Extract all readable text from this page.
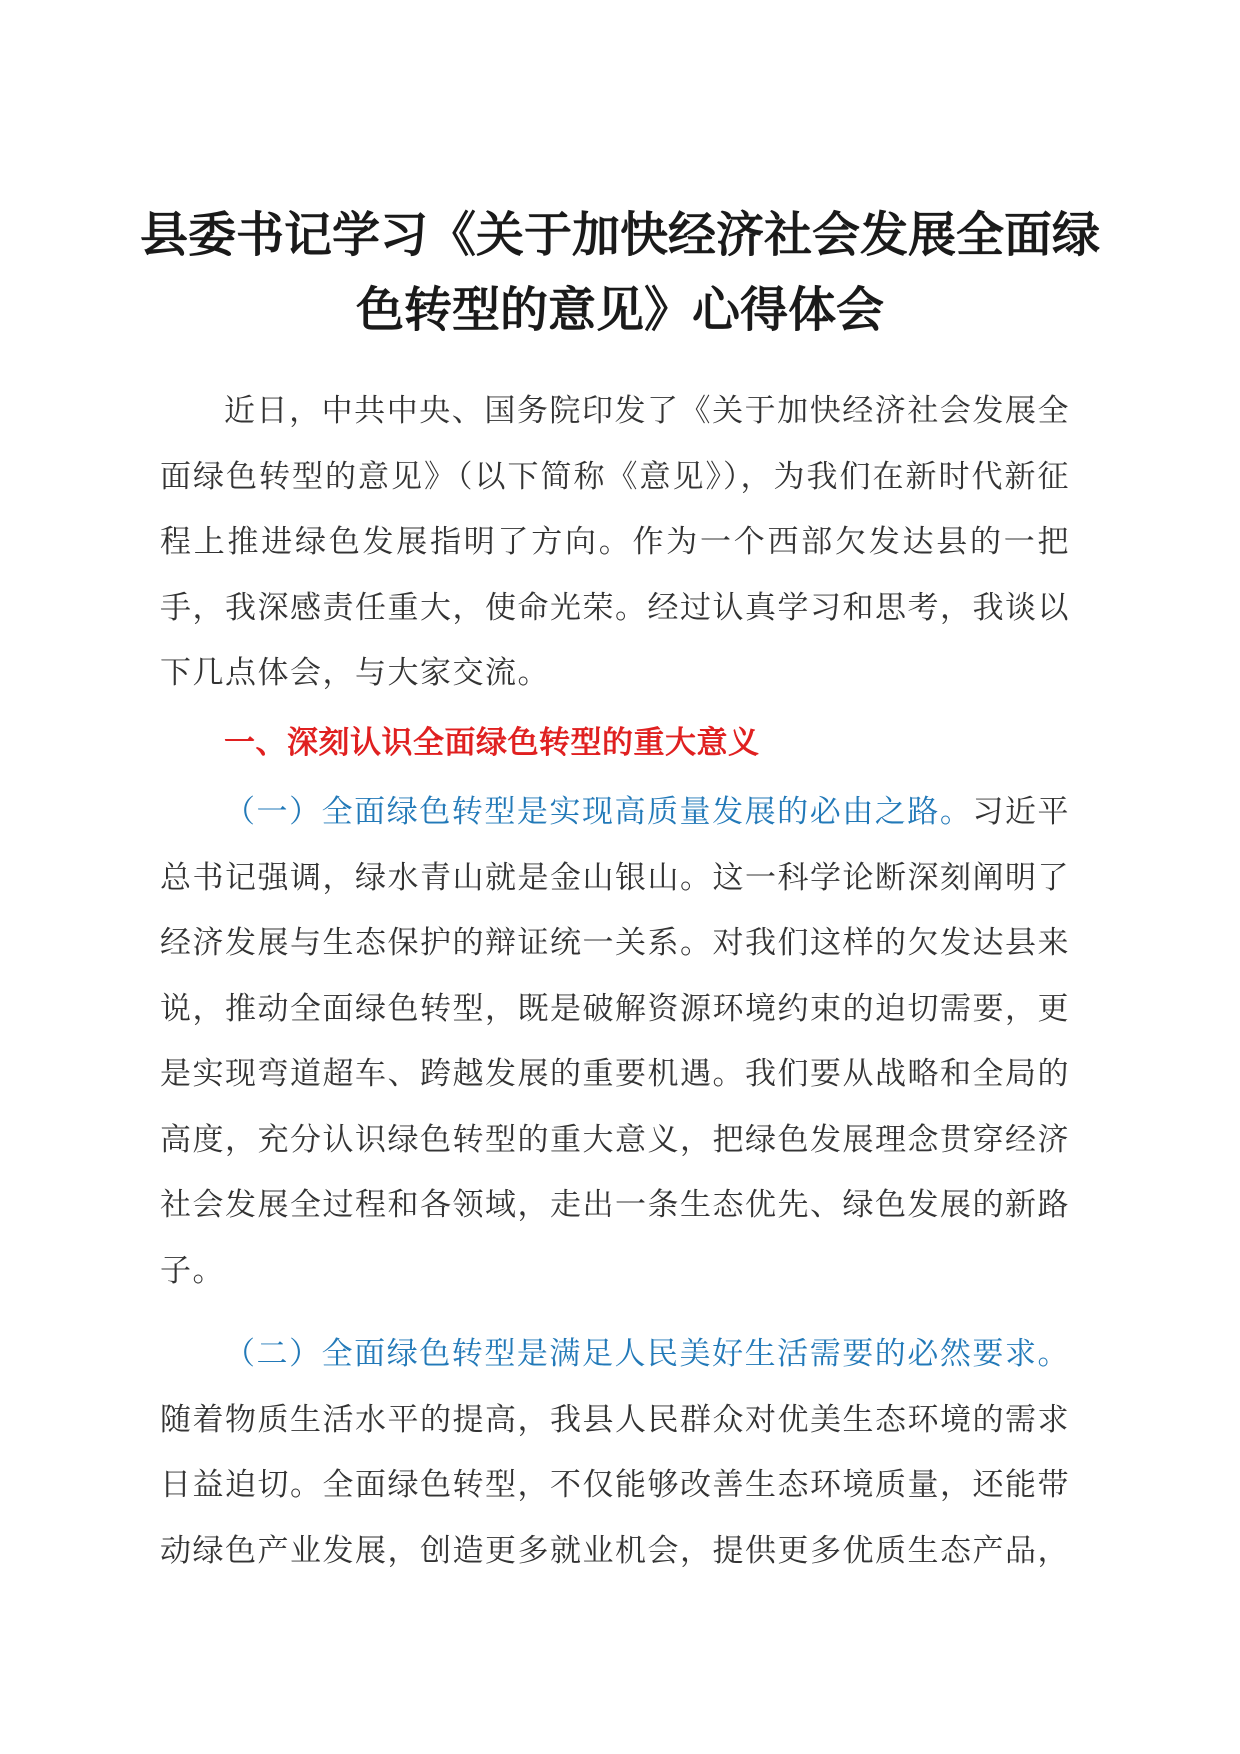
县委书记学习《关于加快经济社会发展全面绿
色转型的意见》心得体会

近日，中共中央、国务院印发了《关于加快经济社会发展全面绿色转型的意见》（以下简称《意见》），为我们在新时代新征程上推进绿色发展指明了方向。作为一个西部欠发达县的一把手，我深感责任重大，使命光荣。经过认真学习和思考，我谈以下几点体会，与大家交流。

一、深刻认识全面绿色转型的重大意义

（一）全面绿色转型是实现高质量发展的必由之路。习近平总书记强调，绿水青山就是金山银山。这一科学论断深刻阐明了经济发展与生态保护的辩证统一关系。对我们这样的欠发达县来说，推动全面绿色转型，既是破解资源环境约束的迫切需要，更是实现弯道超车、跨越发展的重要机遇。我们要从战略和全局的高度，充分认识绿色转型的重大意义，把绿色发展理念贯穿经济社会发展全过程和各领域，走出一条生态优先、绿色发展的新路子。

（二）全面绿色转型是满足人民美好生活需要的必然要求。随着物质生活水平的提高，我县人民群众对优美生态环境的需求日益迫切。全面绿色转型，不仅能够改善生态环境质量，还能带动绿色产业发展，创造更多就业机会，提供更多优质生态产品，
